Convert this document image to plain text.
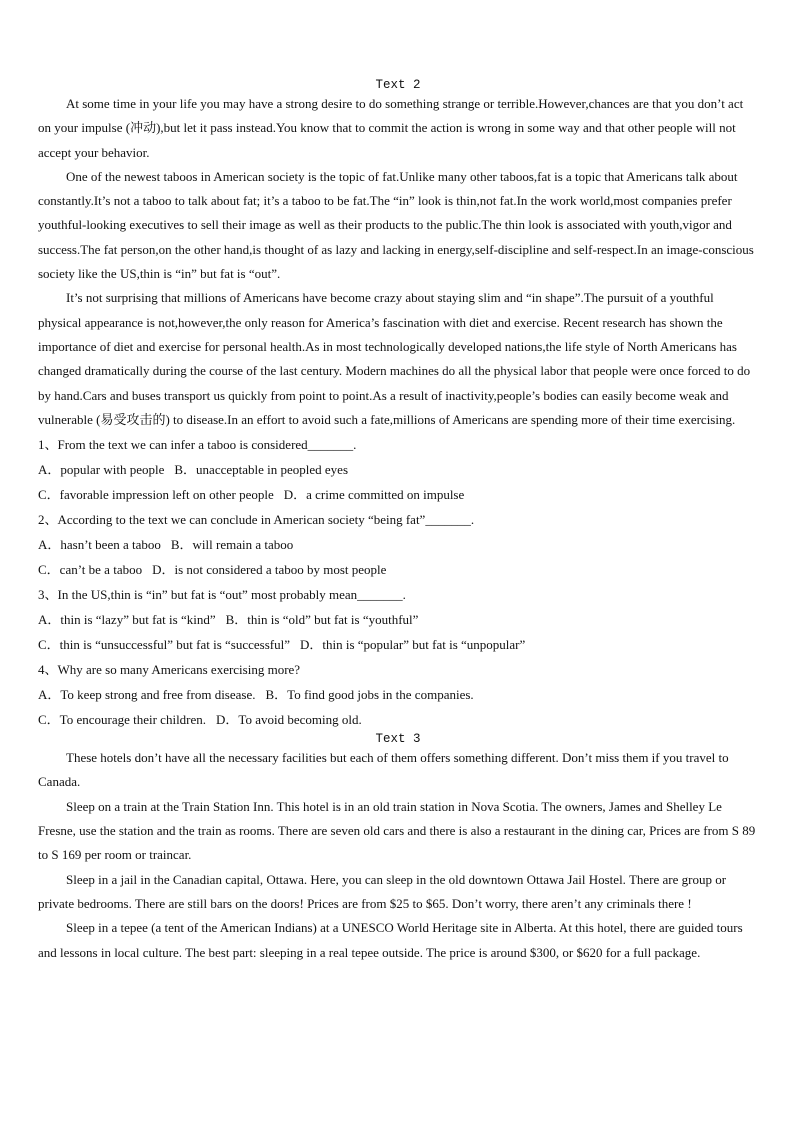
Text 2

At some time in your life you may have a strong desire to do something strange or terrible.However,chances are that you don’t act on your impulse (冲动),but let it pass instead.You know that to commit the action is wrong in some way and that other people will not accept your behavior.

One of the newest taboos in American society is the topic of fat.Unlike many other taboos,fat is a topic that Americans talk about constantly.It’s not a taboo to talk about fat; it’s a taboo to be fat.The “in” look is thin,not fat.In the work world,most companies prefer youthful-looking executives to sell their image as well as their products to the public.The thin look is associated with youth,vigor and success.The fat person,on the other hand,is thought of as lazy and lacking in energy,self-discipline and self-respect.In an image-conscious society like the US,thin is “in” but fat is “out”.

It’s not surprising that millions of Americans have become crazy about staying slim and “in shape”.The pursuit of a youthful physical appearance is not,however,the only reason for America’s fascination with diet and exercise. Recent research has shown the importance of diet and exercise for personal health.As in most technologically developed nations,the life style of North Americans has changed dramatically during the course of the last century. Modern machines do all the physical labor that people were once forced to do by hand.Cars and buses transport us quickly from point to point.As a result of inactivity,people’s bodies can easily become weak and vulnerable (易受攻击的) to disease.In an effort to avoid such a fate,millions of Americans are spending more of their time exercising.

1、From the text we can infer a taboo is considered_______.

A．popular with people B．unacceptable in peopled eyes

C．favorable impression left on other people D．a crime committed on impulse

2、According to the text we can conclude in American society “being fat”_______.

A．hasn’t been a taboo B．will remain a taboo

C．can’t be a taboo D．is not considered a taboo by most people

3、In the US,thin is “in” but fat is “out” most probably mean_______.

A．thin is “lazy” but fat is “kind” B．thin is “old” but fat is “youthful”

C．thin is “unsuccessful” but fat is “successful” D．thin is “popular” but fat is “unpopular”

4、Why are so many Americans exercising more?

A．To keep strong and free from disease. B．To find good jobs in the companies.

C．To encourage their children. D．To avoid becoming old.

Text 3

These hotels don’t have all the necessary facilities but each of them offers something different. Don’t miss them if you travel to Canada.

Sleep on a train at the Train Station Inn. This hotel is in an old train station in Nova Scotia. The owners, James and Shelley Le Fresne, use the station and the train as rooms. There are seven old cars and there is also a restaurant in the dining car, Prices are from S 89 to S 169 per room or traincar.

Sleep in a jail in the Canadian capital, Ottawa. Here, you can sleep in the old downtown Ottawa Jail Hostel. There are group or private bedrooms. There are still bars on the doors! Prices are from $25 to $65. Don’t worry, there aren’t any criminals there !

Sleep in a tepee (a tent of the American Indians) at a UNESCO World Heritage site in Alberta. At this hotel, there are guided tours and lessons in local culture. The best part: sleeping in a real tepee outside. The price is around $300, or $620 for a full package.
